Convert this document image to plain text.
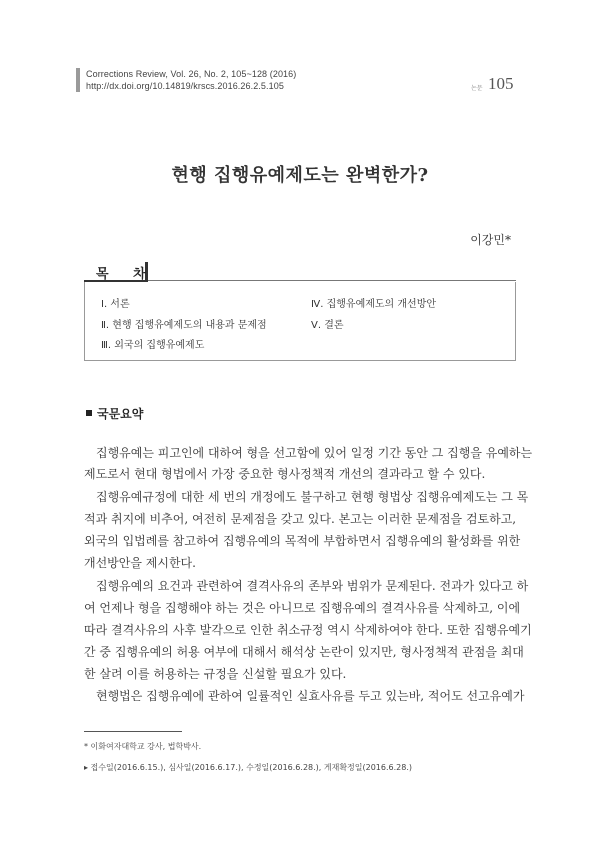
Corrections Review, Vol. 26, No. 2, 105~128 (2016)
http://dx.doi.org/10.14819/krscs.2016.26.2.5.105	논문 105
현행 집행유예제도는 완벽한가?
이강민*
목 차
Ⅰ. 서론
Ⅱ. 현행 집행유예제도의 내용과 문제점
Ⅲ. 외국의 집행유예제도
Ⅳ. 집행유예제도의 개선방안
Ⅴ. 결론
국문요약
집행유예는 피고인에 대하여 형을 선고함에 있어 일정 기간 동안 그 집행을 유예하는
제도로서 현대 형법에서 가장 중요한 형사정책적 개선의 결과라고 할 수 있다.
집행유예규정에 대한 세 번의 개정에도 불구하고 현행 형법상 집행유예제도는 그 목
적과 취지에 비추어, 여전히 문제점을 갖고 있다. 본고는 이러한 문제점을 검토하고,
외국의 입법례를 참고하여 집행유예의 목적에 부합하면서 집행유예의 활성화를 위한
개선방안을 제시한다.
집행유예의 요건과 관련하여 결격사유의 존부와 범위가 문제된다. 전과가 있다고 하
여 언제나 형을 집행해야 하는 것은 아니므로 집행유예의 결격사유를 삭제하고, 이에
따라 결격사유의 사후 발각으로 인한 취소규정 역시 삭제하여야 한다. 또한 집행유예기
간 중 집행유예의 허용 여부에 대해서 해석상 논란이 있지만, 형사정책적 관점을 최대
한 살려 이를 허용하는 규정을 신설할 필요가 있다.
현행법은 집행유예에 관하여 일률적인 실효사유를 두고 있는바, 적어도 선고유예가
* 이화여자대학교 강사, 법학박사.
▸ 접수일(2016.6.15.), 심사일(2016.6.17.), 수정일(2016.6.28.), 게재확정일(2016.6.28.)
